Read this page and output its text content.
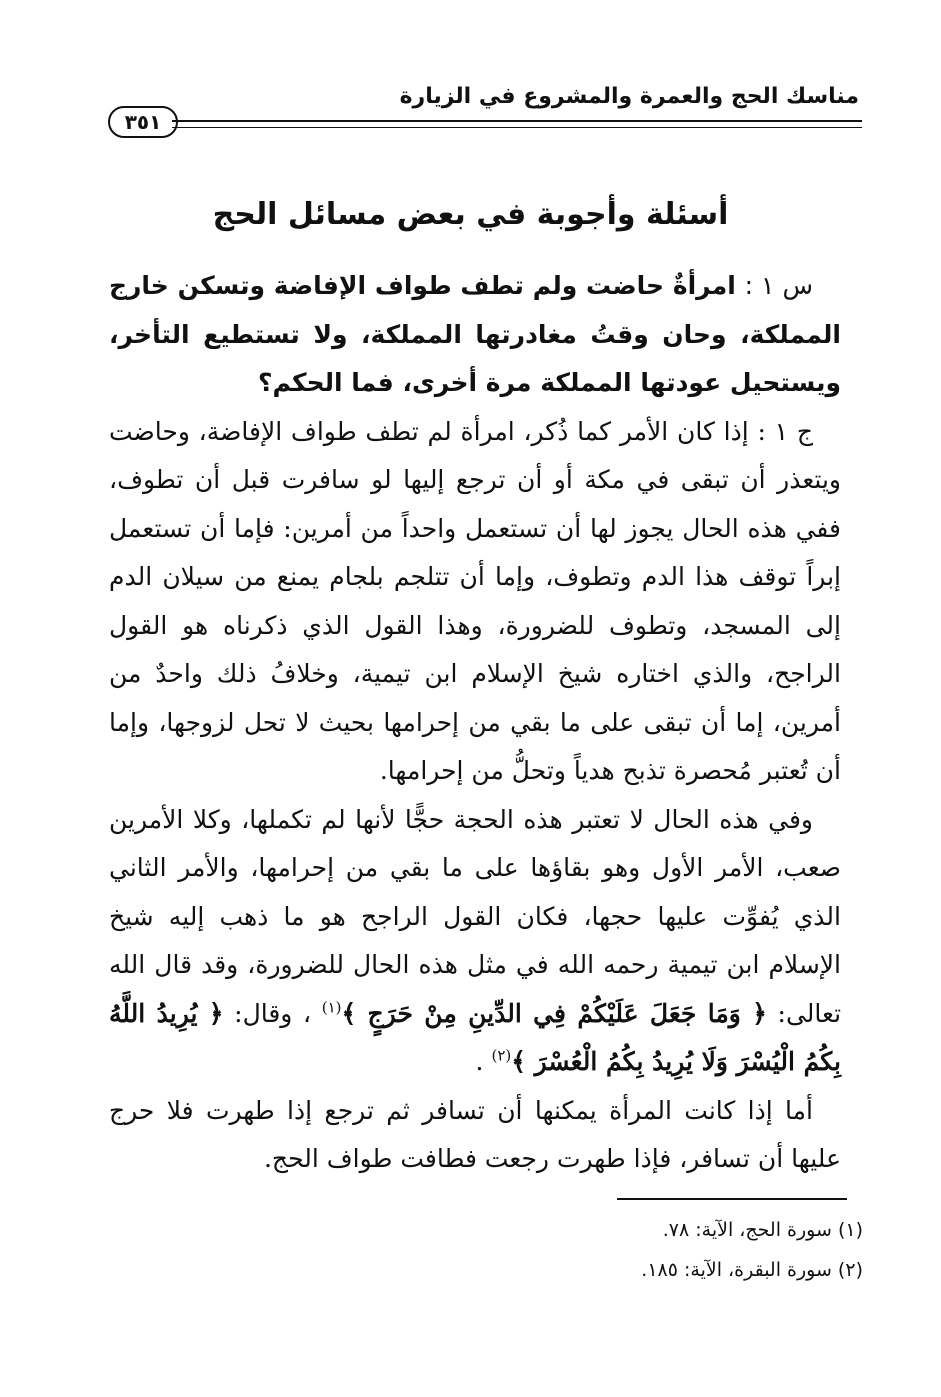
مناسك الحج والعمرة والمشروع في الزيارة
٣٥١
أسئلة وأجوبة في بعض مسائل الحج

س ١ : امرأةٌ حاضت ولم تطف طواف الإفاضة وتسكن خارج المملكة، وحان وقتُ مغادرتها المملكة، ولا تستطيع التأخر، ويستحيل عودتها المملكة مرة أخرى، فما الحكم؟

ج ١ : إذا كان الأمر كما ذُكر، امرأة لم تطف طواف الإفاضة، وحاضت ويتعذر أن تبقى في مكة أو أن ترجع إليها لو سافرت قبل أن تطوف، ففي هذه الحال يجوز لها أن تستعمل واحداً من أمرين: فإما أن تستعمل إبراً توقف هذا الدم وتطوف، وإما أن تتلجم بلجام يمنع من سيلان الدم إلى المسجد، وتطوف للضرورة، وهذا القول الذي ذكرناه هو القول الراجح، والذي اختاره شيخ الإسلام ابن تيمية، وخلافُ ذلك واحدٌ من أمرين، إما أن تبقى على ما بقي من إحرامها بحيث لا تحل لزوجها، وإما أن تُعتبر مُحصرة تذبح هدياً وتحلُّ من إحرامها.

وفي هذه الحال لا تعتبر هذه الحجة حجًّا لأنها لم تكملها، وكلا الأمرين صعب، الأمر الأول وهو بقاؤها على ما بقي من إحرامها، والأمر الثاني الذي يُفوِّت عليها حجها، فكان القول الراجح هو ما ذهب إليه شيخ الإسلام ابن تيمية رحمه الله في مثل هذه الحال للضرورة، وقد قال الله تعالى: ﴿ وَمَا جَعَلَ عَلَيْكُمْ فِي الدِّينِ مِنْ حَرَجٍ ﴾$^{(١)}$ ، وقال: ﴿ يُرِيدُ اللَّهُ بِكُمُ الْيُسْرَ وَلَا يُرِيدُ بِكُمُ الْعُسْرَ ﴾$^{(٢)}$ .

أما إذا كانت المرأة يمكنها أن تسافر ثم ترجع إذا طهرت فلا حرج عليها أن تسافر، فإذا طهرت رجعت فطافت طواف الحج.

(١) سورة الحج، الآية: ٧٨.
(٢) سورة البقرة، الآية: ١٨٥.
